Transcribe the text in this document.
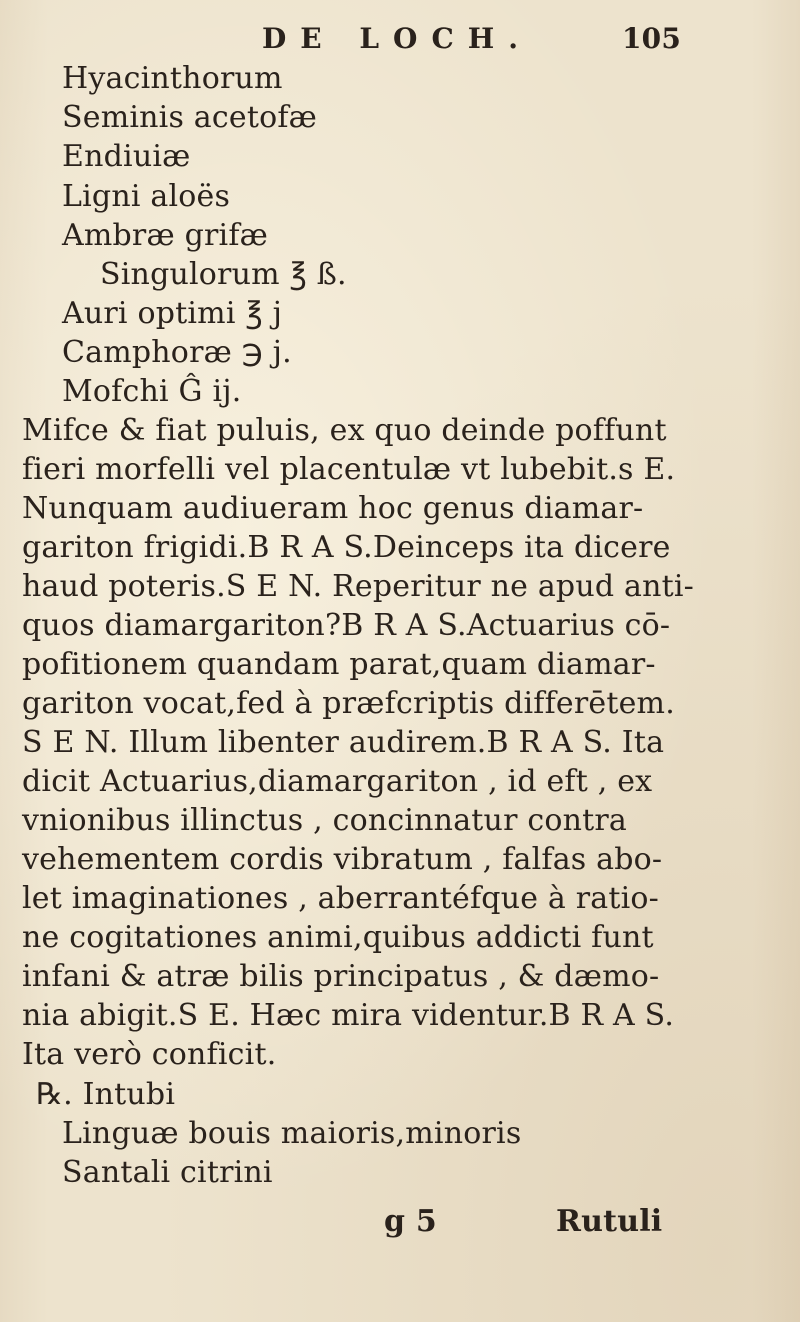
DE LOCH.	105
Hyacinthorum
Seminis acetofæ
Endiuiæ
Ligni aloës
Ambræ grifæ
Singulorum ℥ ß.
Auri optimi ℥ j
Camphoræ ℈ j.
Mofchi Ĝ ij.
Mifce & fiat puluis, ex quo deinde poffunt
fieri morfelli vel placentulæ vt lubebit.s E.
Nunquam audiueram hoc genus diamar-
gariton frigidi.B R A S.Deinceps ita dicere
haud poteris.S E N. Reperitur ne apud anti-
quos diamargariton?B R A S.Actuarius cō-
pofitionem quandam parat,quam diamar-
gariton vocat,fed à præfcriptis differētem.
S E N. Illum libenter audirem.B R A S. Ita
dicit Actuarius,diamargariton , id eft , ex
vnionibus illinctus , concinnatur contra
vehementem cordis vibratum , falfas abo-
let imaginationes , aberrantéfque à ratio-
ne cogitationes animi,quibus addicti funt
infani & atræ bilis principatus , & dæmo-
nia abigit.S E. Hæc mira videntur.B R A S.
Ita verò conficit.
℞. Intubi
Linguæ bouis maioris,minoris
Santali citrini
g 5	Rutuli
